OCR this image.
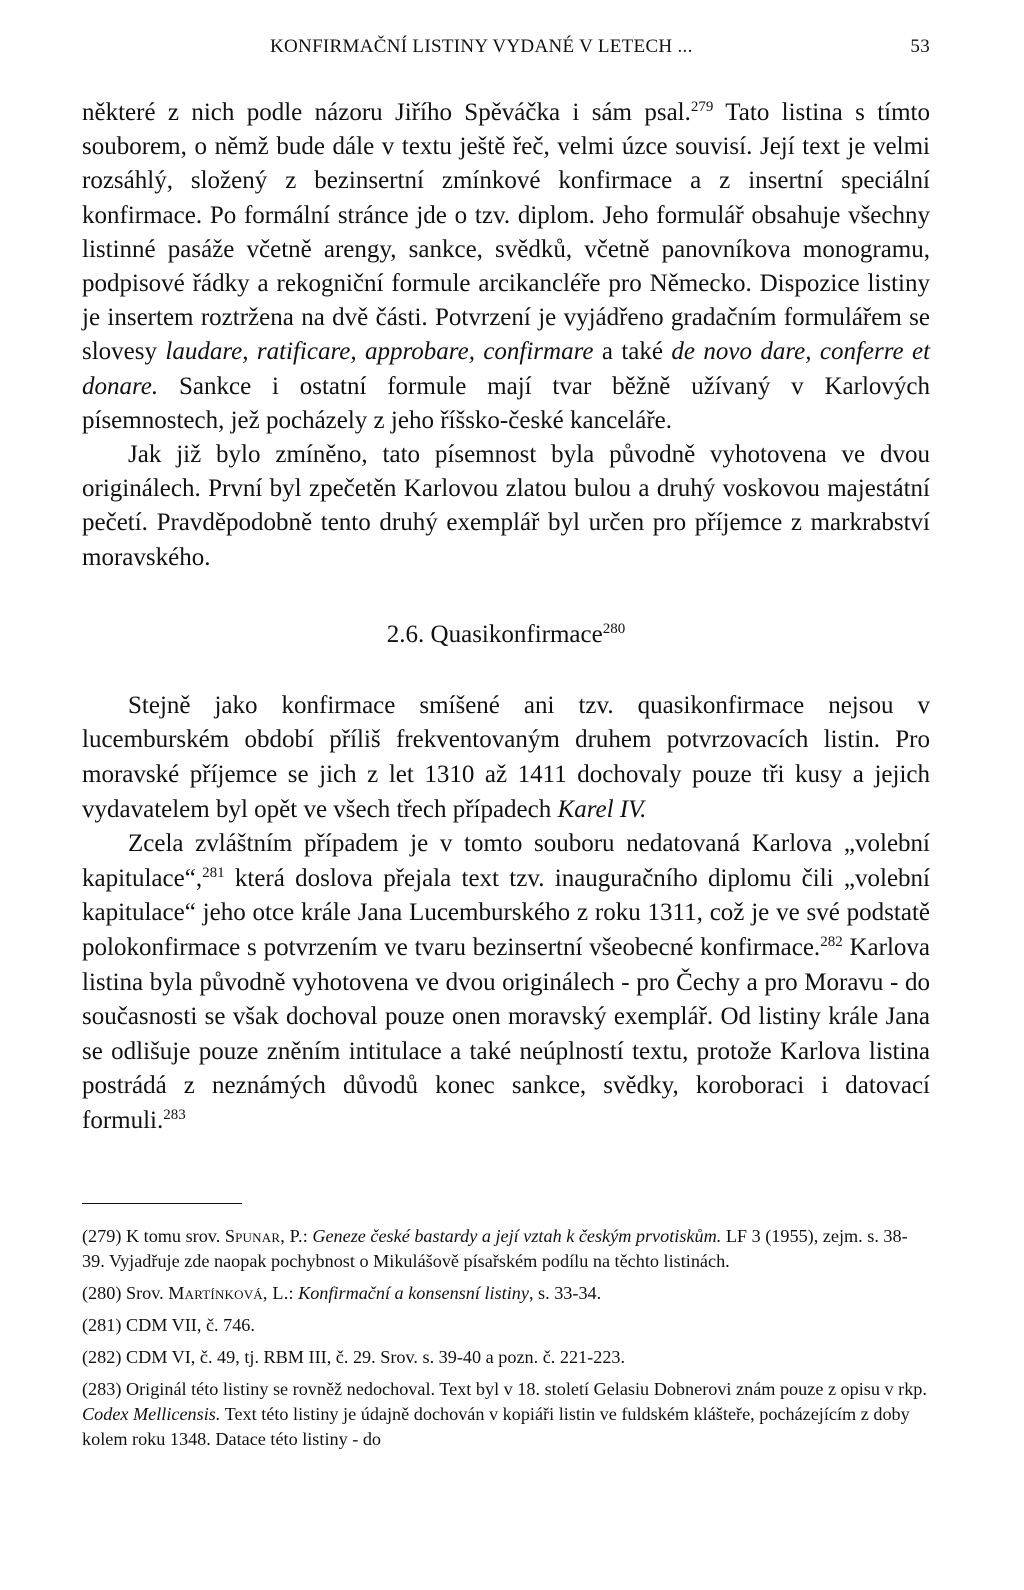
KONFIRMAČNÍ LISTINY VYDANÉ V LETECH ...	53

některé z nich podle názoru Jiřího Spěváčka i sám psal.$^{279}$ Tato listina s tímto souborem, o němž bude dále v textu ještě řeč, velmi úzce souvisí. Její text je velmi rozsáhlý, složený z bezinsertní zmínkové konfirmace a z insertní speciální konfirmace. Po formální stránce jde o tzv. diplom. Jeho formulář obsahuje všechny listinné pasáže včetně arengy, sankce, svědků, včetně panovníkova monogramu, podpisové řádky a rekogniční formule arcikancléře pro Německo. Dispozice listiny je insertem roztržena na dvě části. Potvrzení je vyjádřeno gradačním formulářem se slovesy laudare, ratificare, approbare, confirmare a také de novo dare, conferre et donare. Sankce i ostatní formule mají tvar běžně užívaný v Karlových písemnostech, jež pocházely z jeho říšsko-české kanceláře.

Jak již bylo zmíněno, tato písemnost byla původně vyhotovena ve dvou originálech. První byl zpečetěn Karlovou zlatou bulou a druhý voskovou majestátní pečetí. Pravděpodobně tento druhý exemplář byl určen pro příjemce z markrabství moravského.

2.6. Quasikonfirmace$^{280}$

Stejně jako konfirmace smíšené ani tzv. quasikonfirmace nejsou v lucemburském období příliš frekventovaným druhem potvrzovacích listin. Pro moravské příjemce se jich z let 1310 až 1411 dochovaly pouze tři kusy a jejich vydavatelem byl opět ve všech třech případech Karel IV.

Zcela zvláštním případem je v tomto souboru nedatovaná Karlova „volební kapitulace“,$^{281}$ která doslova přejala text tzv. inauguračního diplomu čili „volební kapitulace“ jeho otce krále Jana Lucemburského z roku 1311, což je ve své podstatě polokonfirmace s potvrzením ve tvaru bezinsertní všeobecné konfirmace.$^{282}$ Karlova listina byla původně vyhotovena ve dvou originálech - pro Čechy a pro Moravu - do současnosti se však dochoval pouze onen moravský exemplář. Od listiny krále Jana se odlišuje pouze zněním intitulace a také neúplností textu, protože Karlova listina postrádá z neznámých důvodů konec sankce, svědky, koroboraci i datovací formuli.$^{283}$

(279) K tomu srov. Spunar, P.: Geneze české bastardy a její vztah k českým prvotiskům. LF 3 (1955), zejm. s. 38-39. Vyjadřuje zde naopak pochybnost o Mikulášově písařském podílu na těchto listinách.

(280) Srov. Martínková, L.: Konfirmační a konsensní listiny, s. 33-34.

(281) CDM VII, č. 746.

(282) CDM VI, č. 49, tj. RBM III, č. 29. Srov. s. 39-40 a pozn. č. 221-223.

(283) Originál této listiny se rovněž nedochoval. Text byl v 18. století Gelasiu Dobnerovi znám pouze z opisu v rkp. Codex Mellicensis. Text této listiny je údajně dochován v kopiáři listin ve fuldském klášteře, pocházejícím z doby kolem roku 1348. Datace této listiny - do
